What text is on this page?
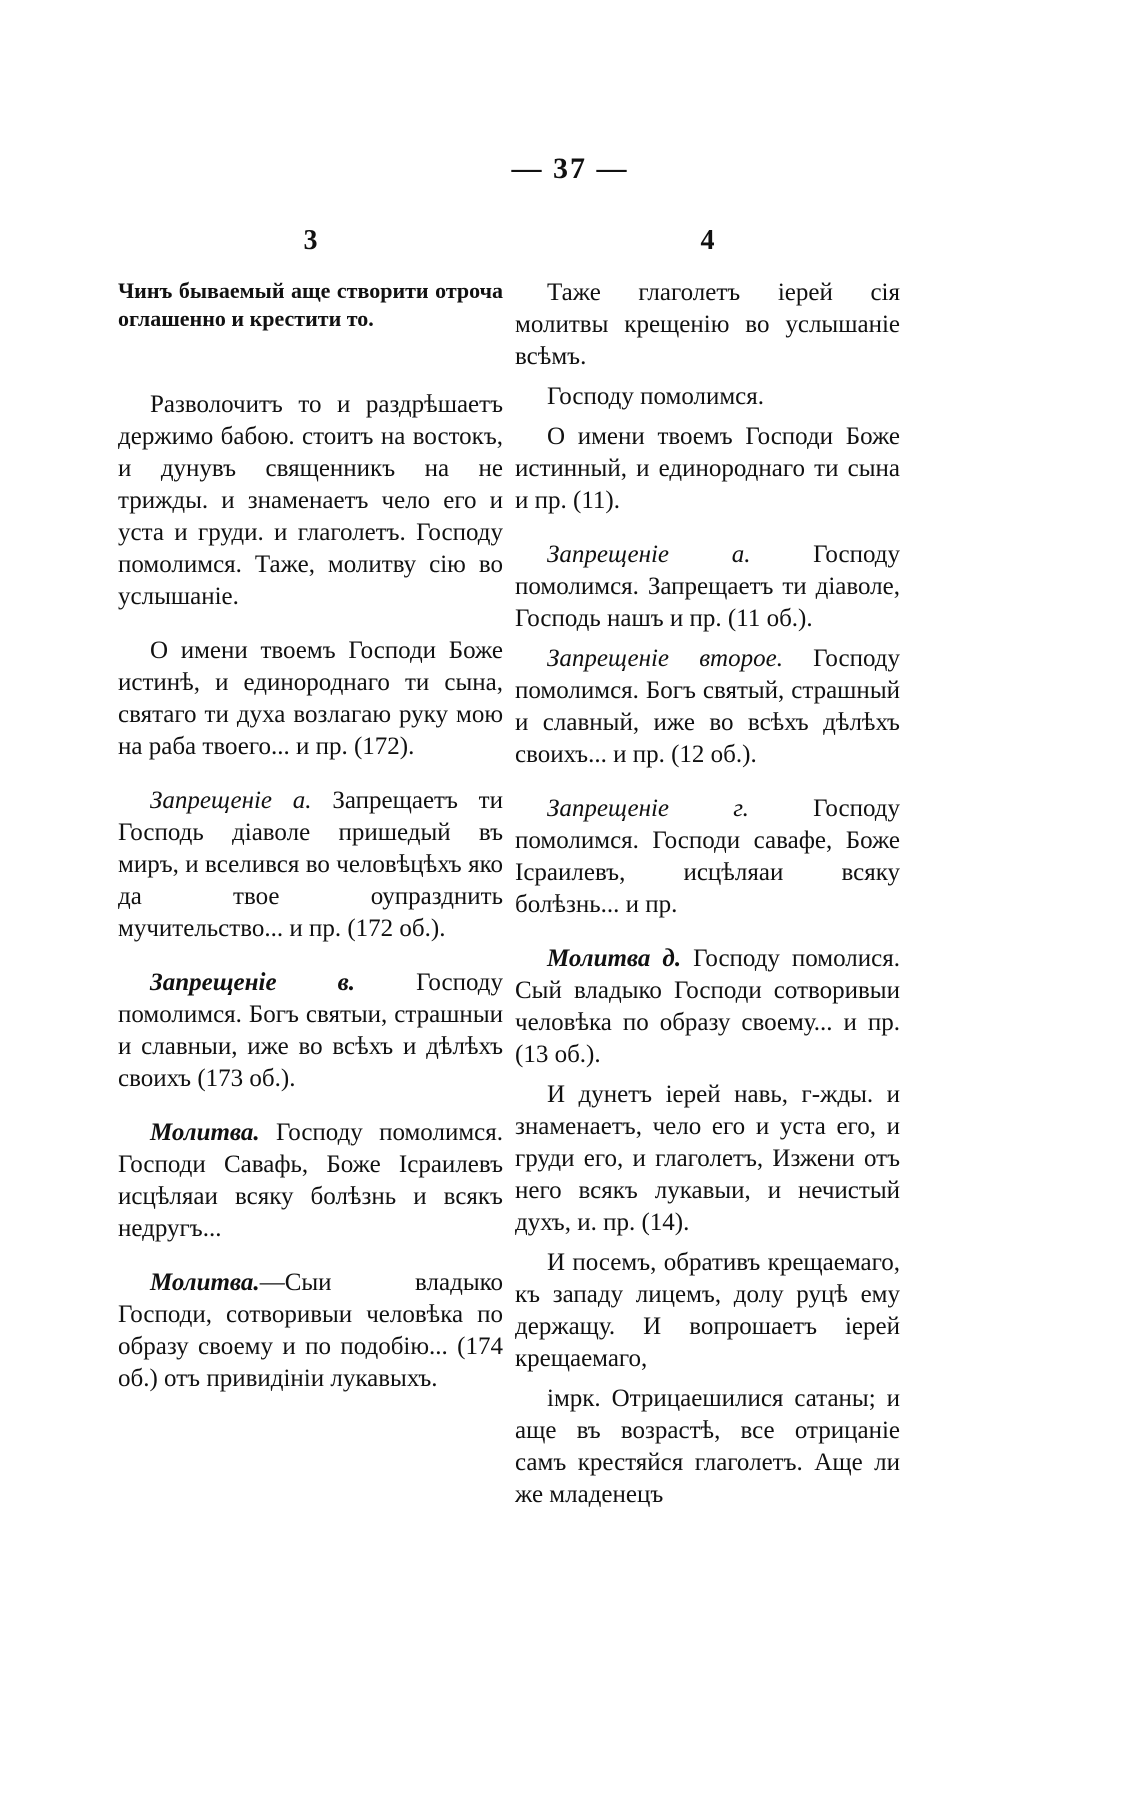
— 37 —
3

Чинъ бываемый аще створити отроча оглашенно и крестити то.

Разволочитъ то и раздрѣшаетъ держимо бабою. стоитъ на востокъ, и дунувъ священникъ на не трижды. и знаменаетъ чело его и уста и груди. и глаголетъ. Господу помолимся. Таже, молитву сію во услышаніе.

О имени твоемъ Господи Боже истинѣ, и единороднаго ти сына, святаго ти духа возлагаю руку мою на раба твоего... и пр. (172).

Запрещеніе а. Запрещаетъ ти Господь діаволе пришедый въ миръ, и вселився во человѣцѣхъ яко да твое оупразднить мучительство... и пр. (172 об.).

Запрещеніе в. Господу помолимся. Богъ святыи, страшныи и славныи, иже во всѣхъ и дѣлѣхъ своихъ (173 об.).

Молитва. Господу помолимся. Господи Савафь, Боже Ісраилевъ исцѣляаи всяку болѣзнь и всякъ недругъ...

Молитва.—Сыи владыко Господи, сотворивыи человѣка по образу своему и по подобію... (174 об.) отъ привидініи лукавыхъ.

4

Таже глаголетъ іерей сія молитвы крещенію во услышаніе всѣмъ.

Господу помолимся.

О имени твоемъ Господи Боже истинный, и единороднаго ти сына и пр. (11).

Запрещеніе а. Господу помолимся. Запрещаетъ ти діаволе, Господь нашъ и пр. (11 об.).

Запрещеніе второе. Господу помолимся. Богъ святый, страшный и славный, иже во всѣхъ дѣлѣхъ своихъ... и пр. (12 об.).

Запрещеніе г. Господу помолимся. Господи савафе, Боже Ісраилевъ, исцѣляаи всяку болѣзнь... и пр.

Молитва д. Господу помолися. Сый владыко Господи сотворивыи человѣка по образу своему... и пр. (13 об.).

И дунетъ іерей навь, г-жды. и знаменаетъ, чело его и уста его, и груди его, и глаголетъ, Изжени отъ него всякъ лукавыи, и нечистый духъ, и. пр. (14).

И посемъ, обративъ крещаемаго, къ западу лицемъ, долу руцѣ ему держащу. И вопрошаетъ іерей крещаемаго,

імрк. Отрицаешилися сатаны; и аще въ возрастѣ, все отрицаніе самъ крестяйся глаголетъ. Аще ли же младенецъ
